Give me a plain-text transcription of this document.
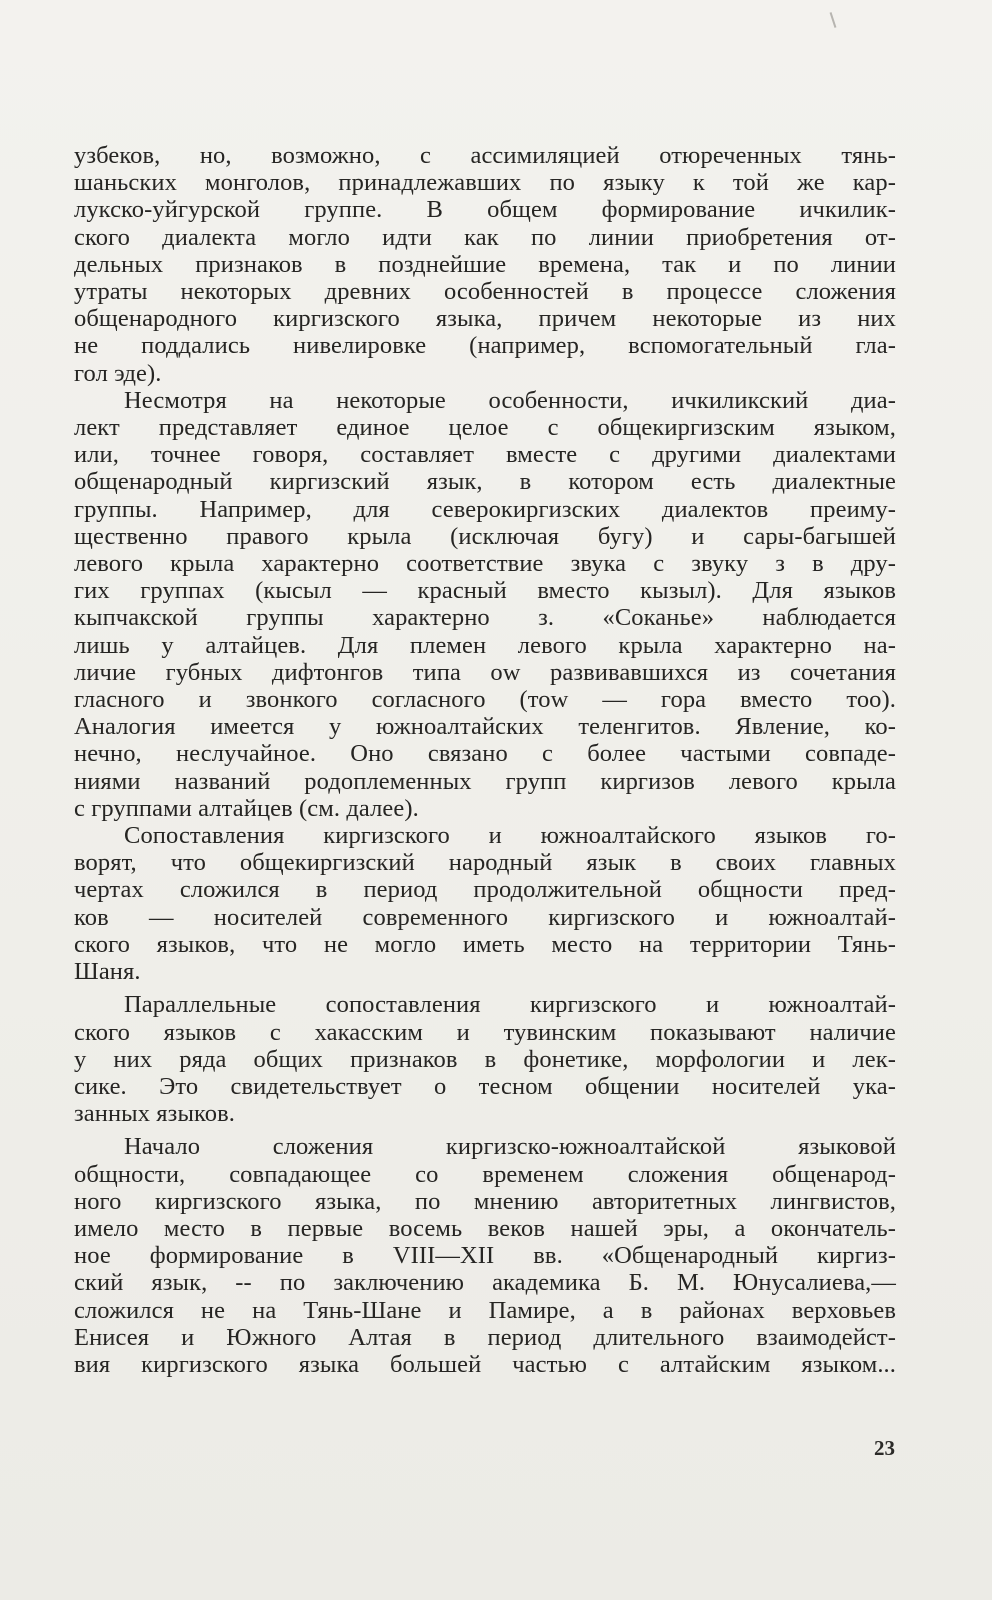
узбеков, но, возможно, с ассимиляцией отюреченных тянь-
шаньских монголов, принадлежавших по языку к той же кар-
лукско-уйгурской группе. В общем формирование ичкилик-
ского диалекта могло идти как по линии приобретения от-
дельных признаков в позднейшие времена, так и по линии
утраты некоторых древних особенностей в процессе сложения
общенародного киргизского языка, причем некоторые из них
не поддались нивелировке (например, вспомогательный гла-
гол эде).
Несмотря на некоторые особенности, ичкиликский диа-
лект представляет единое целое с общекиргизским языком,
или, точнее говоря, составляет вместе с другими диалектами
общенародный киргизский язык, в котором есть диалектные
группы. Например, для северокиргизских диалектов преиму-
щественно правого крыла (исключая бугу) и сары-багышей
левого крыла характерно соответствие звука с звуку з в дру-
гих группах (кысыл — красный вместо кызыл). Для языков
кыпчакской группы характерно з. «Соканье» наблюдается
лишь у алтайцев. Для племен левого крыла характерно на-
личие губных дифтонгов типа оw развивавшихся из сочетания
гласного и звонкого согласного (тоw — гора вместо тоо).
Аналогия имеется у южноалтайских теленгитов. Явление, ко-
нечно, неслучайное. Оно связано с более частыми совпаде-
ниями названий родоплеменных групп киргизов левого крыла
с группами алтайцев (см. далее).
Сопоставления киргизского и южноалтайского языков го-
ворят, что общекиргизский народный язык в своих главных
чертах сложился в период продолжительной общности пред-
ков — носителей современного киргизского и южноалтай-
ского языков, что не могло иметь место на территории Тянь-
Шаня.
Параллельные сопоставления киргизского и южноалтай-
ского языков с хакасским и тувинским показывают наличие
у них ряда общих признаков в фонетике, морфологии и лек-
сике. Это свидетельствует о тесном общении носителей ука-
занных языков.
Начало сложения киргизско-южноалтайской языковой
общности, совпадающее со временем сложения общенарод-
ного киргизского языка, по мнению авторитетных лингвистов,
имело место в первые восемь веков нашей эры, а окончатель-
ное формирование в VIII—XII вв. «Общенародный киргиз-
ский язык, -- по заключению академика Б. М. Юнусалиева,—
сложился не на Тянь-Шане и Памире, а в районах верховьев
Енисея и Южного Алтая в период длительного взаимодейст-
вия киргизского языка большей частью с алтайским языком...
23
